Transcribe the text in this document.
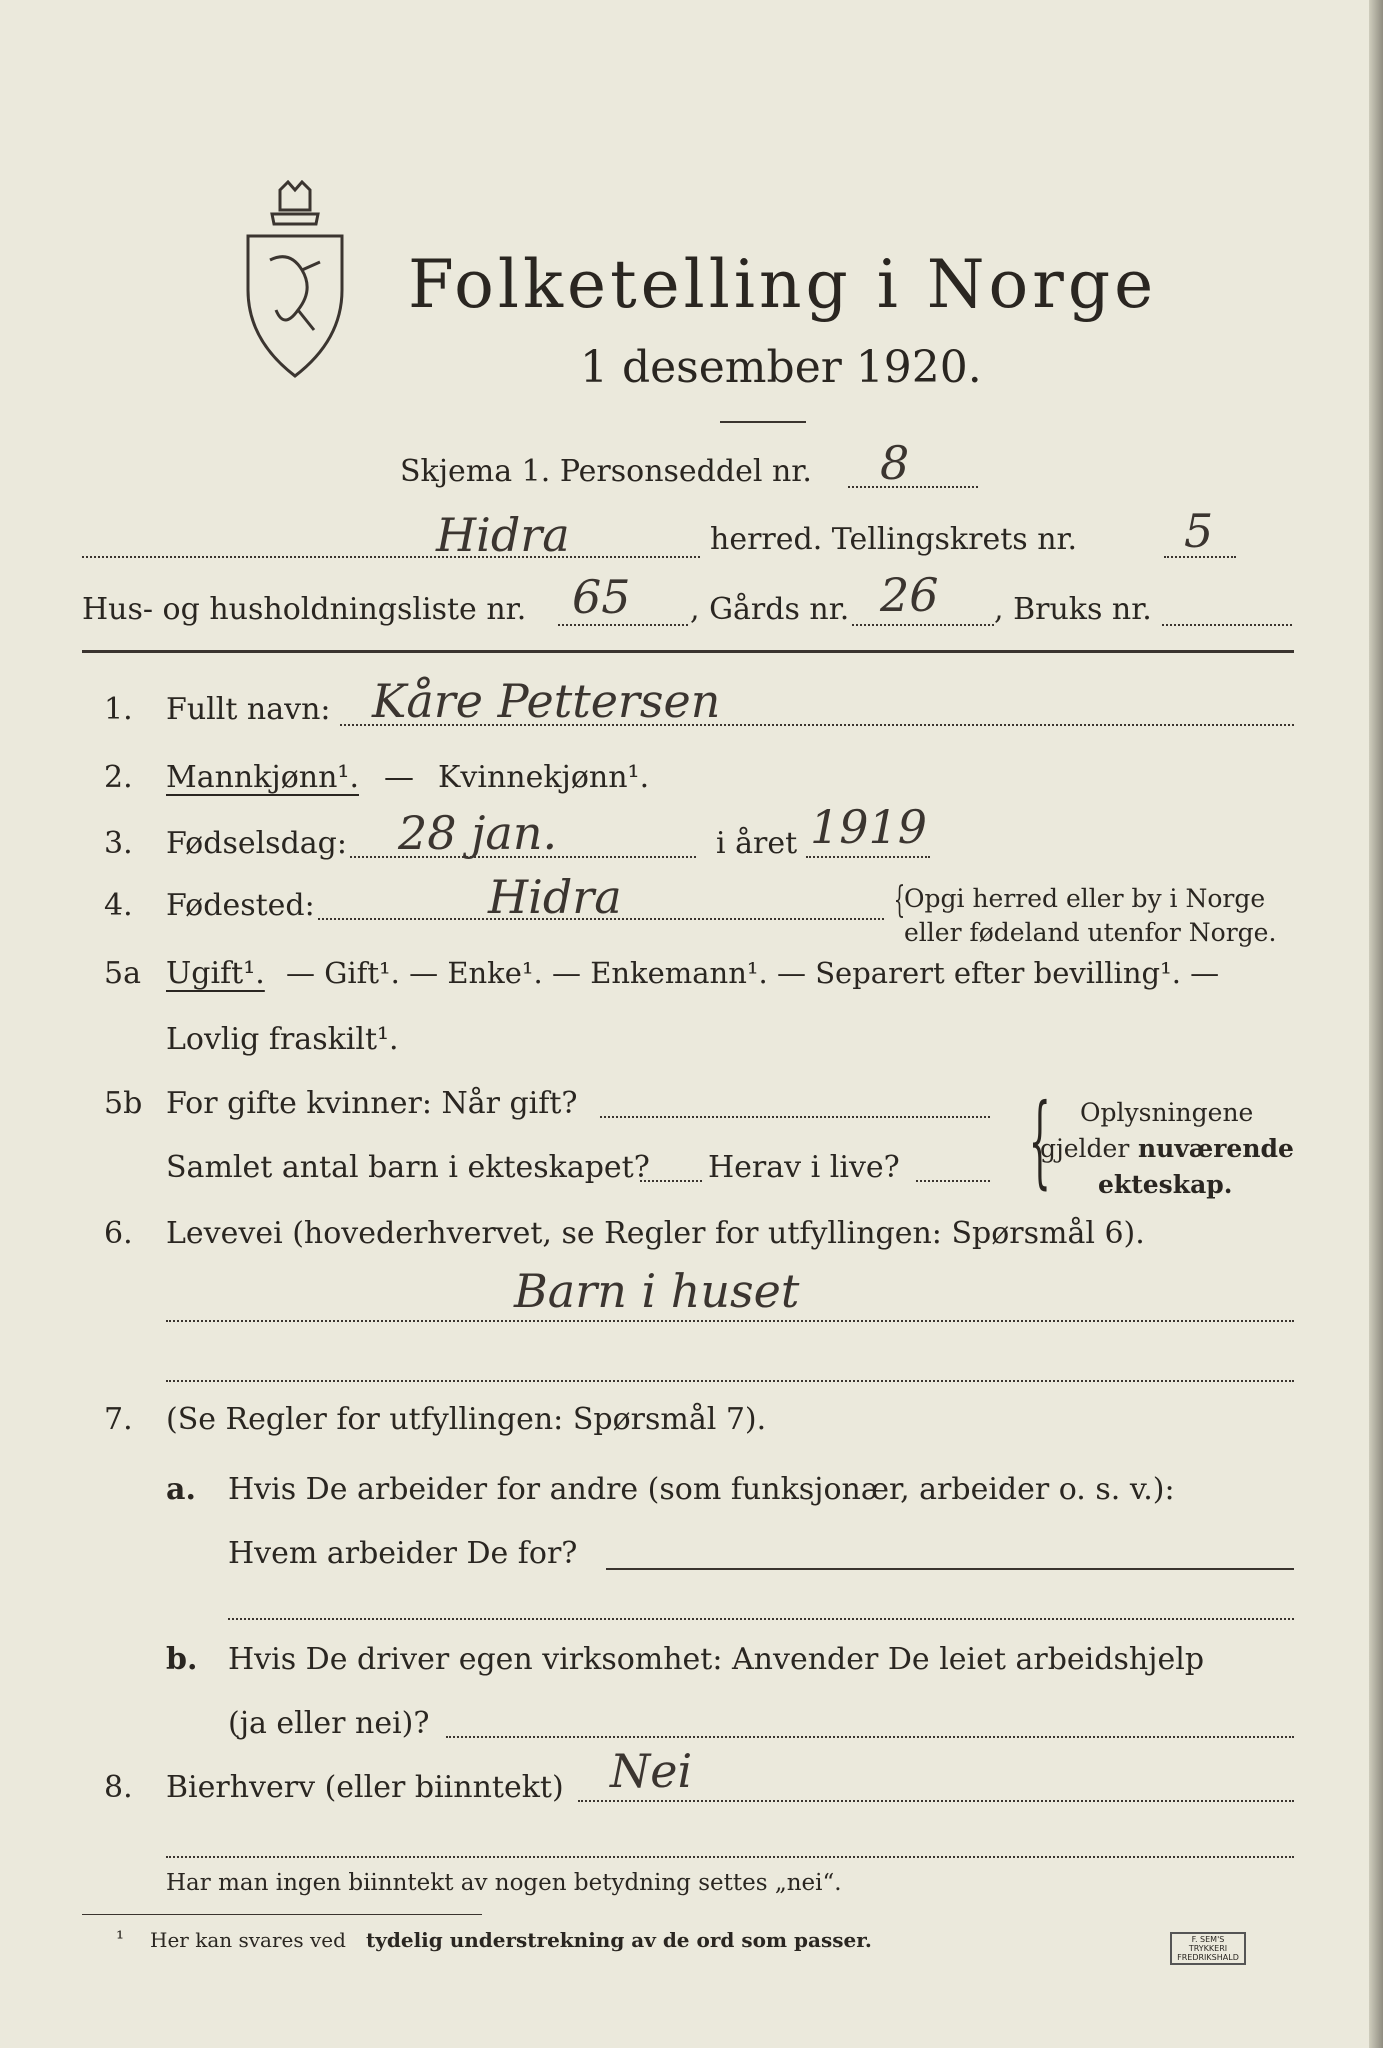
Folketelling i Norge
1 desember 1920.
Skjema 1. Personseddel nr. 8
Hidra	herred. Tellingskrets nr. 5
Hus- og husholdningsliste nr. 65 , Gårds nr. 26 , Bruks nr.
1. Fullt navn: Kåre Pettersen
2. Mannkjønn¹. — Kvinnekjønn¹.
3. Fødselsdag: 28 jan.	i året 1919
4. Fødested:	Hidra	{
Opgi herred eller by i Norge
eller fødeland utenfor Norge.
5a Ugift¹. — Gift¹. — Enke¹. — Enkemann¹. — Separert efter bevilling¹. —
Lovlig fraskilt¹.
5b For gifte kvinner: Når gift?
Samlet antal barn i ekteskapet? Herav i live? { Oplysningene
gjelder nuværende
ekteskap.
6. Levevei (hovederhvervet, se Regler for utfyllingen: Spørsmål 6).
Barn i huset
7. (Se Regler for utfyllingen: Spørsmål 7).
a. Hvis De arbeider for andre (som funksjonær, arbeider o. s. v.):
Hvem arbeider De for?
b. Hvis De driver egen virksomhet: Anvender De leiet arbeidshjelp
(ja eller nei)?
8. Bierhverv (eller biinntekt) Nei
Har man ingen biinntekt av nogen betydning settes „nei“.
¹ Her kan svares ved tydelig understrekning av de ord som passer.	F. SEM'S TRYKKERI FREDRIKSHALD
